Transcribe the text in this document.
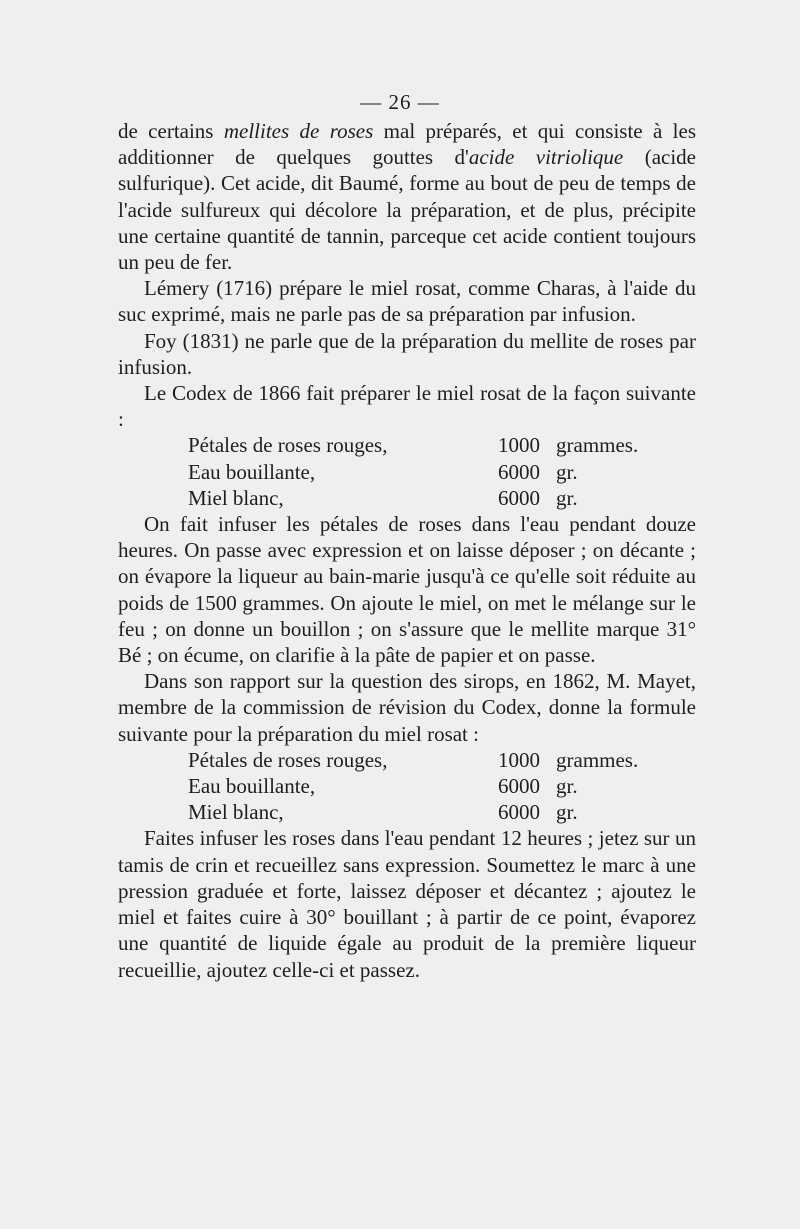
— 26 —

de certains mellites de roses mal préparés, et qui consiste à les additionner de quelques gouttes d'acide vitriolique (acide sulfurique). Cet acide, dit Baumé, forme au bout de peu de temps de l'acide sulfureux qui décolore la préparation, et de plus, précipite une certaine quantité de tannin, parceque cet acide contient toujours un peu de fer.

Lémery (1716) prépare le miel rosat, comme Charas, à l'aide du suc exprimé, mais ne parle pas de sa préparation par infusion.

Foy (1831) ne parle que de la préparation du mellite de roses par infusion.

Le Codex de 1866 fait préparer le miel rosat de la façon suivante :

Pétales de roses rouges,	1000 grammes.
Eau bouillante,	6000 gr.
Miel blanc,	6000 gr.

On fait infuser les pétales de roses dans l'eau pendant douze heures. On passe avec expression et on laisse déposer ; on décante ; on évapore la liqueur au bain-marie jusqu'à ce qu'elle soit réduite au poids de 1500 grammes. On ajoute le miel, on met le mélange sur le feu ; on donne un bouillon ; on s'assure que le mellite marque 31° Bé ; on écume, on clarifie à la pâte de papier et on passe.

Dans son rapport sur la question des sirops, en 1862, M. Mayet, membre de la commission de révision du Codex, donne la formule suivante pour la préparation du miel rosat :

Pétales de roses rouges,	1000 grammes.
Eau bouillante,	6000 gr.
Miel blanc,	6000 gr.

Faites infuser les roses dans l'eau pendant 12 heures ; jetez sur un tamis de crin et recueillez sans expression. Soumettez le marc à une pression graduée et forte, laissez déposer et décantez ; ajoutez le miel et faites cuire à 30° bouillant ; à partir de ce point, évaporez une quantité de liquide égale au produit de la première liqueur recueillie, ajoutez celle-ci et passez.
